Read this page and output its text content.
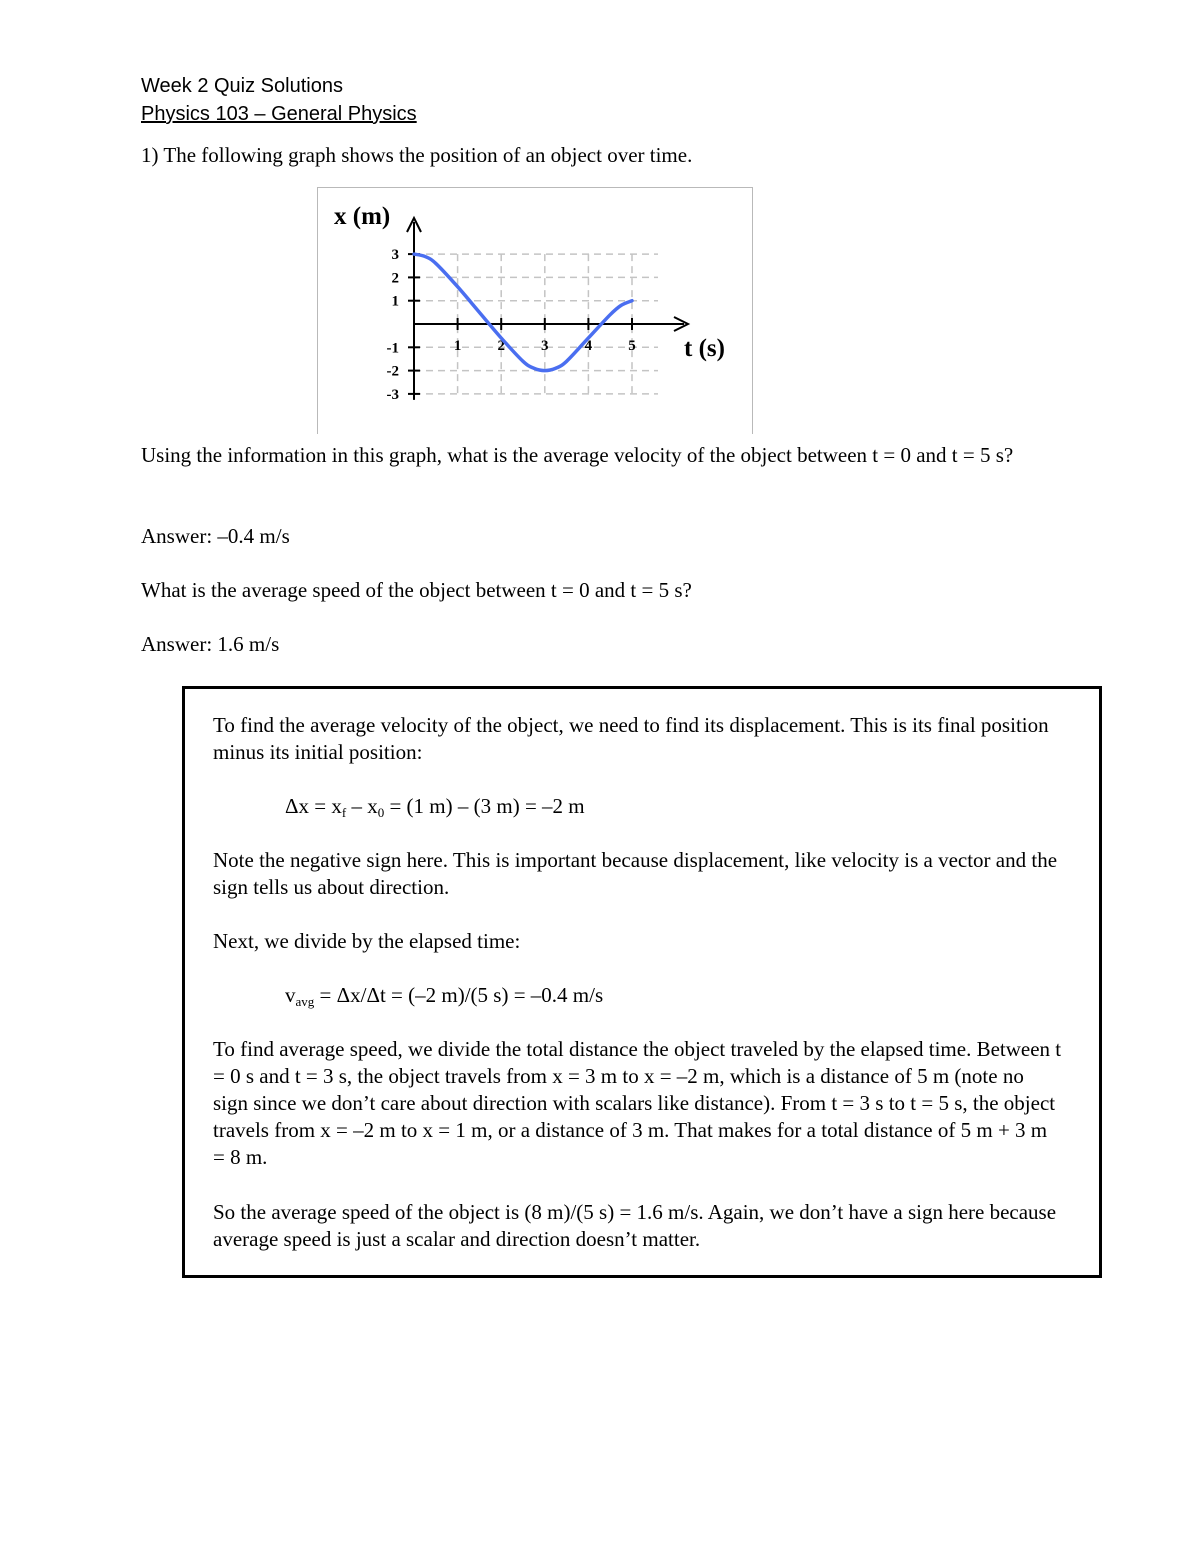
Week 2 Quiz Solutions
Physics 103 – General Physics
1) The following graph shows the position of an object over time.
1 2 3 4 5
3
2
1
-1
-2
-3
x (m)
t (s)
Using the information in this graph, what is the average velocity of the object between t = 0 and t = 5 s?
Answer: –0.4 m/s
What is the average speed of the object between t = 0 and t = 5 s?
Answer: 1.6 m/s
To find the average velocity of the object, we need to find its displacement. This is its final position minus its initial position:
$\Delta x = x_f - x_0 = (1$ m) – (3 m) = –2 m
Note the negative sign here. This is important because displacement, like velocity is a vector and the sign tells us about direction.
Next, we divide by the elapsed time:
$v_{avg} = \Delta x/\Delta t = (-2$ m)/(5 s) = –0.4 m/s
To find average speed, we divide the total distance the object traveled by the elapsed time. Between t = 0 s and t = 3 s, the object travels from x = 3 m to x = –2 m, which is a distance of 5 m (note no sign since we don’t care about direction with scalars like distance). From t = 3 s to t = 5 s, the object travels from x = –2 m to x = 1 m, or a distance of 3 m. That makes for a total distance of 5 m + 3 m = 8 m.
So the average speed of the object is (8 m)/(5 s) = 1.6 m/s. Again, we don’t have a sign here because average speed is just a scalar and direction doesn’t matter.
